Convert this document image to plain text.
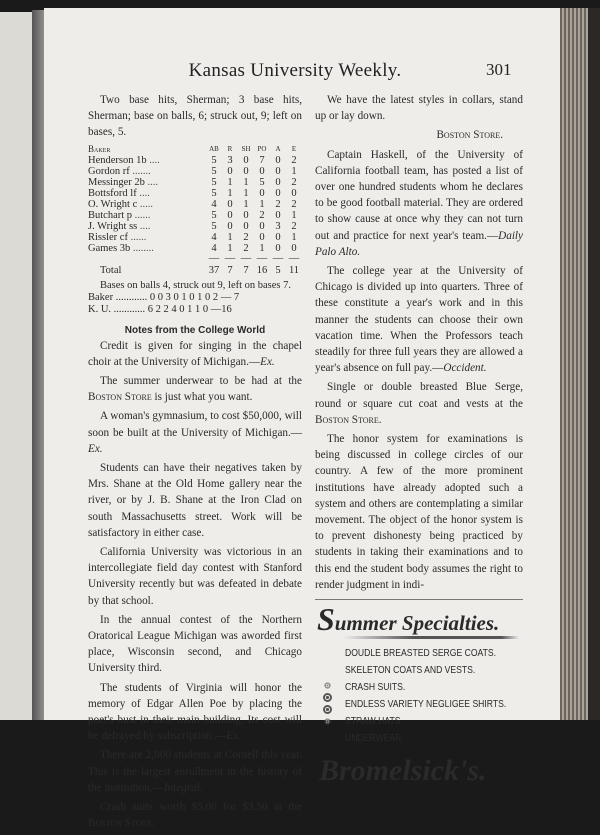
Kansas University Weekly.	301

Two base hits, Sherman; 3 base hits, Sherman; base on balls, 6; struck out, 9; left on bases, 5.

Baker	AB	R	SH	PO	A	E
Henderson 1b ....	5	3	0	7	0	2
Gordon rf .......	5	0	0	0	0	1
Messinger 2b ....	5	1	1	5	0	2
Bottsford lf ....	5	1	1	0	0	0
O. Wright c .....	4	0	1	1	2	2
Butchart p ......	5	0	0	2	0	1
J. Wright ss ....	5	0	0	0	3	2
Rissler cf ......	4	1	2	0	0	1
Games 3b ........	4	1	2	1	0	0
	—	—	—	—	—	—
Total	37	7	7	16	5	11
Bases on balls 4, struck out 9, left on bases 7.
Baker ............ 0 0 3 0 1 0 1 0 2 — 7
K. U. ............ 6 2 2 4 0 1 1 0 —16
Notes from the College World

Credit is given for singing in the chapel choir at the University of Michigan.—Ex.

The summer underwear to be had at the Boston Store is just what you want.

A woman's gymnasium, to cost $50,000, will soon be built at the University of Michigan.—Ex.

Students can have their negatives taken by Mrs. Shane at the Old Home gallery near the river, or by J. B. Shane at the Iron Clad on south Massachusetts street. Work will be satisfactory in either case.

California University was victorious in an intercollegiate field day contest with Stanford University recently but was defeated in debate by that school.

In the annual contest of the Northern Oratorical League Michigan was aworded first place, Wisconsin second, and Chicago University third.

The students of Virginia will honor the memory of Edgar Allen Poe by placing the poet's bust in their main building. Its cost will be defrayed by subscription.—Ex.

There are 2,000 students at Cornell this year. This is the largest enrollment in the history of the institution.—Integral.

Crash suits worth $5.00 for $3.50 at the Boston Store.

We have the latest styles in collars, stand up or lay down.

Boston Store.

Captain Haskell, of the University of California football team, has posted a list of over one hundred students whom he declares to be good football material. They are ordered to show cause at once why they can not turn out and practice for next year's team.—Daily Palo Alto.

The college year at the University of Chicago is divided up into quarters. Three of these constitute a year's work and in this manner the students can choose their own vacation time. When the Professors teach steadily for three full years they are allowed a year's absence on full pay.—Occident.

Single or double breasted Blue Serge, round or square cut coat and vests at the Boston Store.

The honor system for examinations is being discussed in college circles of our country. A few of the more prominent institutions have already adopted such a system and others are contemplating a similar movement. The object of the honor system is to prevent dishonesty being practiced by students in taking their examinations and to this end the student body assumes the right to render judgment in indi-

Summer Specialties.
DOUDLE BREASTED SERGE COATS.
SKELETON COATS AND VESTS.
CRASH SUITS.
ENDLESS VARIETY NEGLIGEE SHIRTS.
STRAW HATS.
UNDERWEAR.
Bromelsick's.
